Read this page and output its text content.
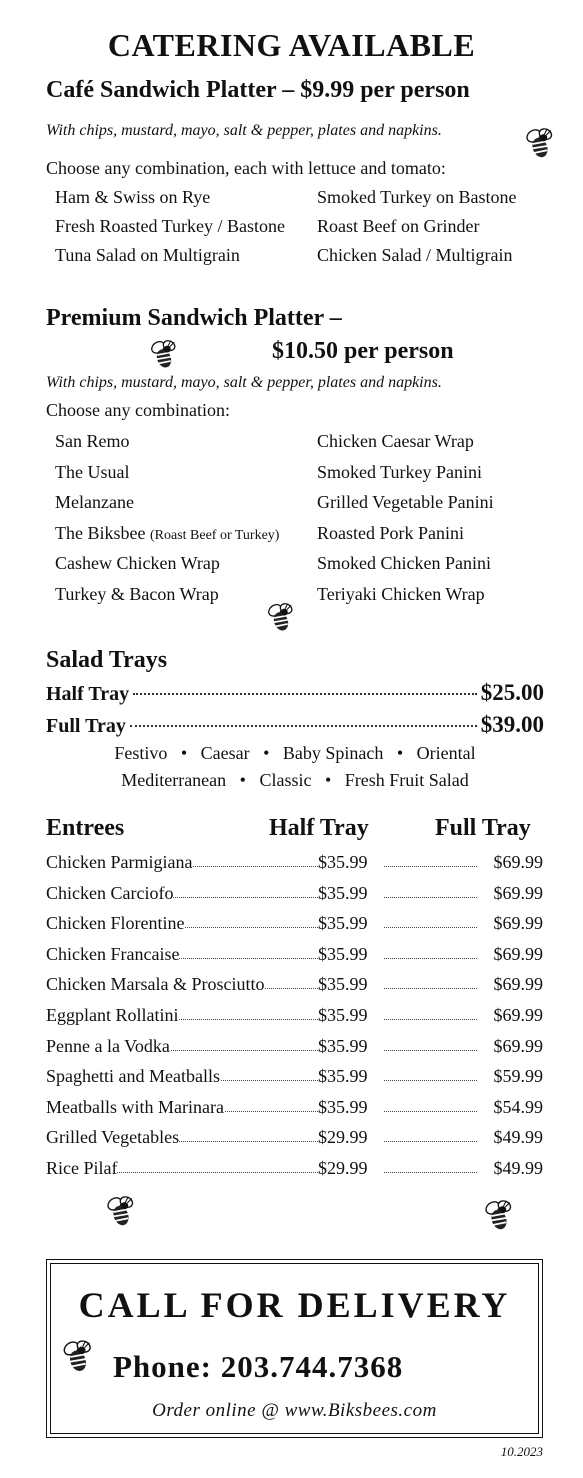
CATERING AVAILABLE
Café Sandwich Platter – $9.99 per person
With chips, mustard, mayo, salt & pepper, plates and napkins.
Choose any combination, each with lettuce and tomato:
Ham & Swiss on Rye
Fresh Roasted Turkey / Bastone
Tuna Salad on Multigrain
Smoked Turkey on Bastone
Roast Beef on Grinder
Chicken Salad / Multigrain
Premium Sandwich Platter –
$10.50 per person
With chips, mustard, mayo, salt & pepper, plates and napkins.
Choose any combination:
San Remo
The Usual
Melanzane
The Biksbee (Roast Beef or Turkey)
Cashew Chicken Wrap
Turkey & Bacon Wrap
Chicken Caesar Wrap
Smoked Turkey Panini
Grilled Vegetable Panini
Roasted Pork Panini
Smoked Chicken Panini
Teriyaki Chicken Wrap
Salad Trays
Half Tray	$25.00
Full Tray	$39.00
Festivo   •   Caesar   •   Baby Spinach   •   Oriental
Mediterranean   •   Classic   •   Fresh Fruit Salad
Entrees	Half Tray	Full Tray
Chicken Parmigiana	$35.99	$69.99
Chicken Carciofo	$35.99	$69.99
Chicken Florentine	$35.99	$69.99
Chicken Francaise	$35.99	$69.99
Chicken Marsala & Prosciutto	$35.99	$69.99
Eggplant Rollatini	$35.99	$69.99
Penne a la Vodka	$35.99	$69.99
Spaghetti and Meatballs	$35.99	$59.99
Meatballs with Marinara	$35.99	$54.99
Grilled Vegetables	$29.99	$49.99
Rice Pilaf	$29.99	$49.99
CALL FOR DELIVERY
Phone: 203.744.7368
Order online @ www.Biksbees.com
10.2023
